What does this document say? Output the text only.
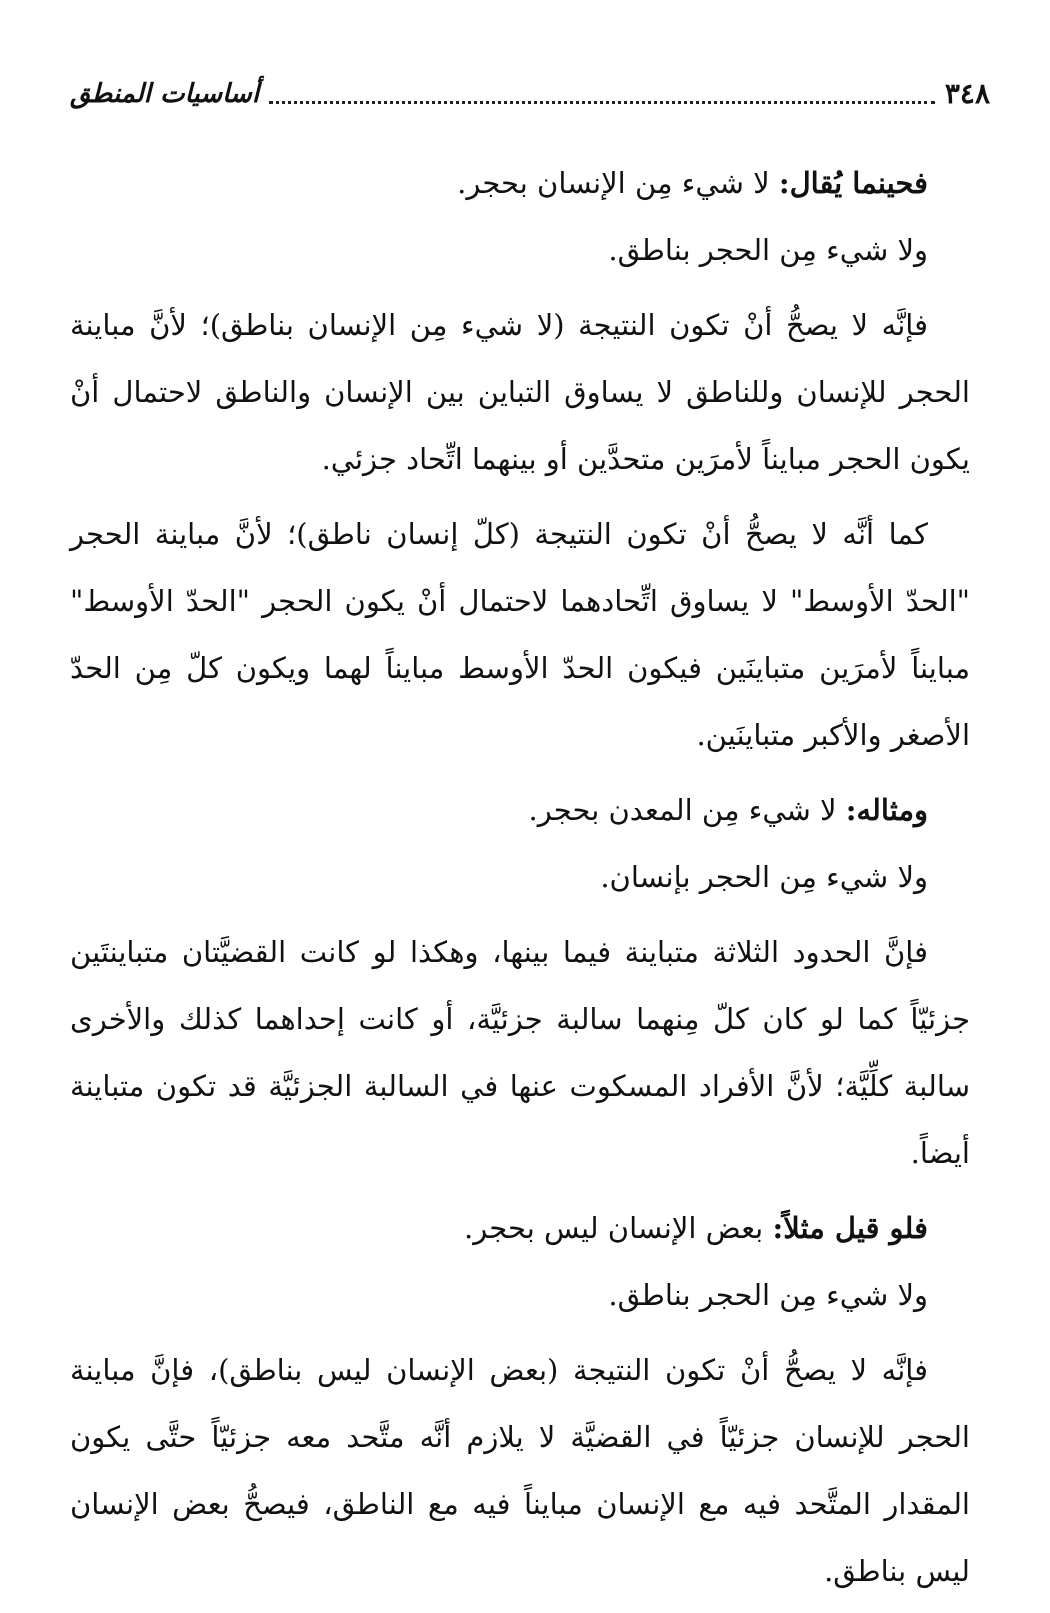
٣٤٨
أساسيات المنطق

فحينما يُقال: لا شيء مِن الإنسان بحجر.

ولا شيء مِن الحجر بناطق.

فإنَّه لا يصحُّ أنْ تكون النتيجة (لا شيء مِن الإنسان بناطق)؛ لأنَّ مباينة الحجر للإنسان وللناطق لا يساوق التباين بين الإنسان والناطق لاحتمال أنْ يكون الحجر مبايناً لأمرَين متحدَّين أو بينهما اتِّحاد جزئي.

كما أنَّه لا يصحُّ أنْ تكون النتيجة (كلّ إنسان ناطق)؛ لأنَّ مباينة الحجر "الحدّ الأوسط" لا يساوق اتِّحادهما لاحتمال أنْ يكون الحجر "الحدّ الأوسط" مبايناً لأمرَين متباينَين فيكون الحدّ الأوسط مبايناً لهما ويكون كلّ مِن الحدّ الأصغر والأكبر متباينَين.

ومثاله: لا شيء مِن المعدن بحجر.

ولا شيء مِن الحجر بإنسان.

فإنَّ الحدود الثلاثة متباينة فيما بينها، وهكذا لو كانت القضيَّتان متباينتَين جزئيّاً كما لو كان كلّ مِنهما سالبة جزئيَّة، أو كانت إحداهما كذلك والأخرى سالبة كلِّيَّة؛ لأنَّ الأفراد المسكوت عنها في السالبة الجزئيَّة قد تكون متباينة أيضاً.

فلو قيل مثلاً: بعض الإنسان ليس بحجر.

ولا شيء مِن الحجر بناطق.

فإنَّه لا يصحُّ أنْ تكون النتيجة (بعض الإنسان ليس بناطق)، فإنَّ مباينة الحجر للإنسان جزئيّاً في القضيَّة لا يلازم أنَّه متَّحد معه جزئيّاً حتَّى يكون المقدار المتَّحد فيه مع الإنسان مبايناً فيه مع الناطق، فيصحُّ بعض الإنسان ليس بناطق.
